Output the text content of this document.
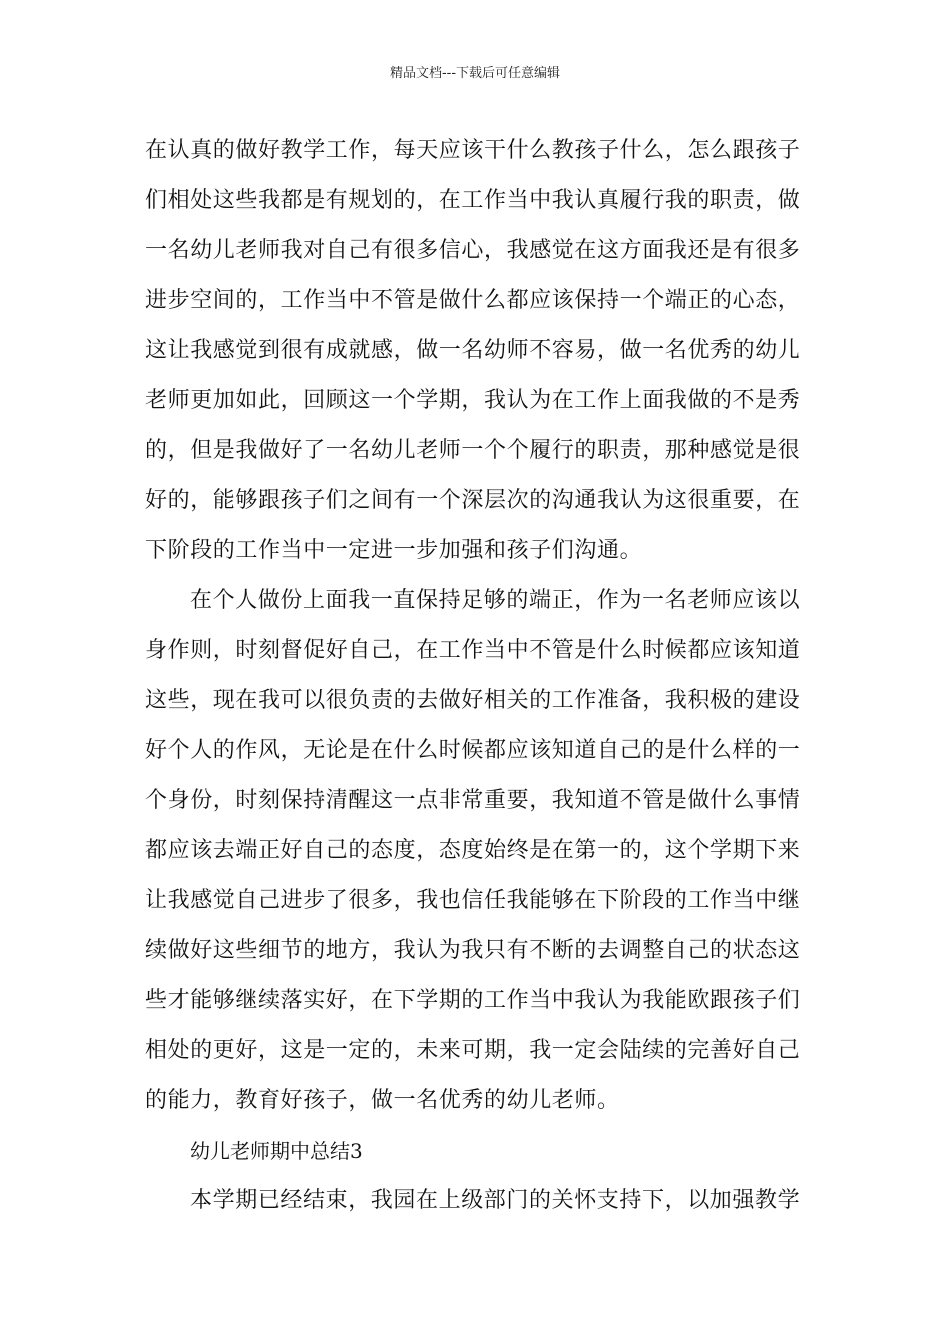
精品文档---下载后可任意编辑
在认真的做好教学工作，每天应该干什么教孩子什么，怎么跟孩子
们相处这些我都是有规划的，在工作当中我认真履行我的职责，做
一名幼儿老师我对自己有很多信心，我感觉在这方面我还是有很多
进步空间的，工作当中不管是做什么都应该保持一个端正的心态，
这让我感觉到很有成就感，做一名幼师不容易，做一名优秀的幼儿
老师更加如此，回顾这一个学期，我认为在工作上面我做的不是秀
的，但是我做好了一名幼儿老师一个个履行的职责，那种感觉是很
好的，能够跟孩子们之间有一个深层次的沟通我认为这很重要，在
下阶段的工作当中一定进一步加强和孩子们沟通。
在个人做份上面我一直保持足够的端正，作为一名老师应该以
身作则，时刻督促好自己，在工作当中不管是什么时候都应该知道
这些，现在我可以很负责的去做好相关的工作准备，我积极的建设
好个人的作风，无论是在什么时候都应该知道自己的是什么样的一
个身份，时刻保持清醒这一点非常重要，我知道不管是做什么事情
都应该去端正好自己的态度，态度始终是在第一的，这个学期下来
让我感觉自己进步了很多，我也信任我能够在下阶段的工作当中继
续做好这些细节的地方，我认为我只有不断的去调整自己的状态这
些才能够继续落实好，在下学期的工作当中我认为我能欧跟孩子们
相处的更好，这是一定的，未来可期，我一定会陆续的完善好自己
的能力，教育好孩子，做一名优秀的幼儿老师。
幼儿老师期中总结3
本学期已经结束，我园在上级部门的关怀支持下，以加强教学
